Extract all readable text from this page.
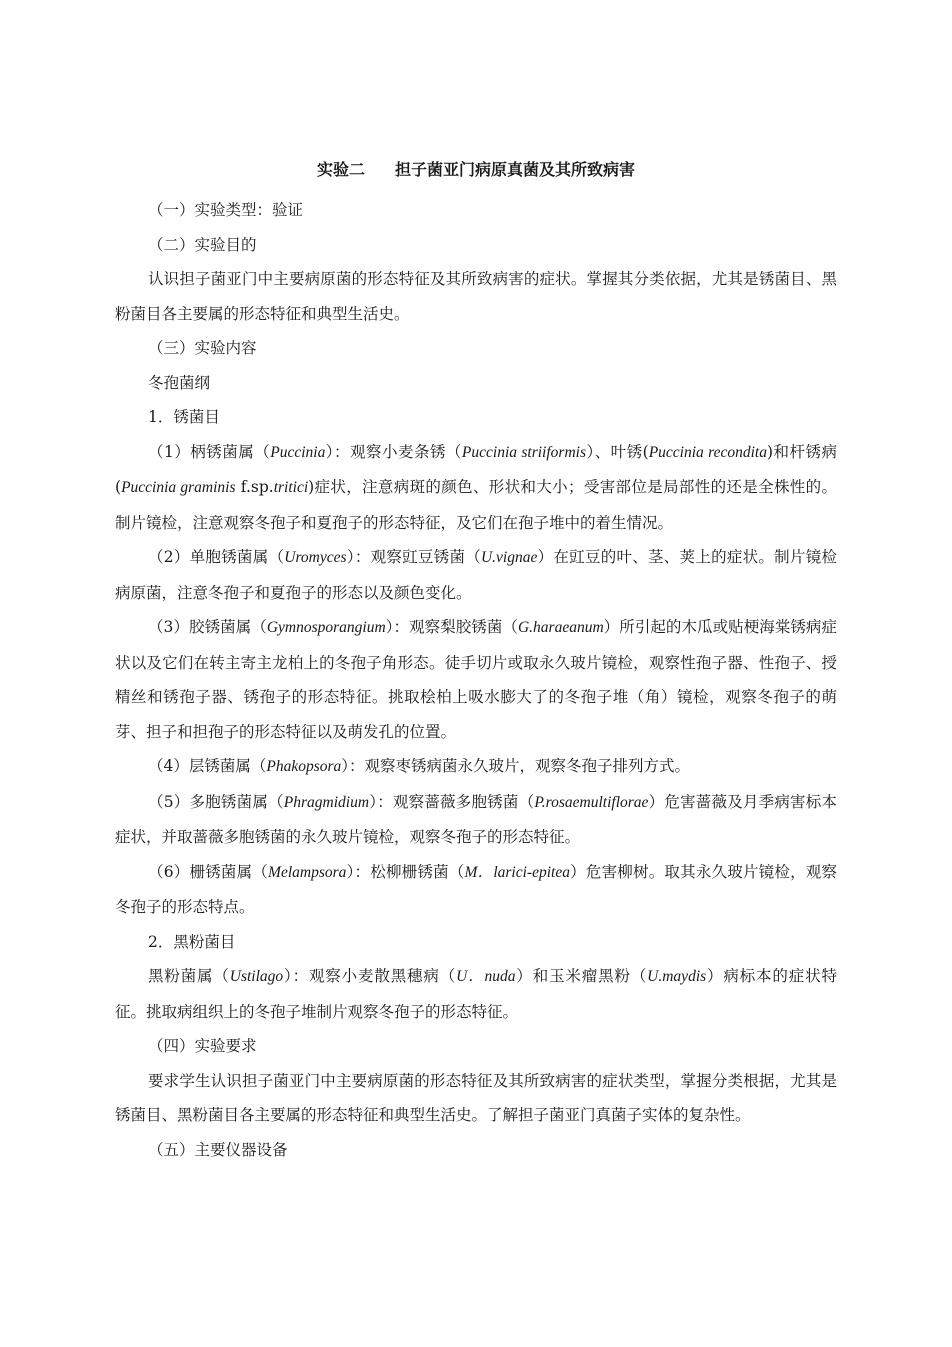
实验二 担子菌亚门病原真菌及其所致病害

（一）实验类型：验证

（二）实验目的

认识担子菌亚门中主要病原菌的形态特征及其所致病害的症状。掌握其分类依据，尤其是锈菌目、黑粉菌目各主要属的形态特征和典型生活史。

（三）实验内容

冬孢菌纲

1．锈菌目

（1）柄锈菌属（Puccinia）：观察小麦条锈（Puccinia striiformis）、叶锈(Puccinia recondita)和杆锈病(Puccinia graminis f.sp.tritici)症状，注意病斑的颜色、形状和大小；受害部位是局部性的还是全株性的。制片镜检，注意观察冬孢子和夏孢子的形态特征，及它们在孢子堆中的着生情况。

（2）单胞锈菌属（Uromyces）：观察豇豆锈菌（U.vignae）在豇豆的叶、茎、荚上的症状。制片镜检病原菌，注意冬孢子和夏孢子的形态以及颜色变化。

（3）胶锈菌属（Gymnosporangium）：观察梨胶锈菌（G.haraeanum）所引起的木瓜或贴梗海棠锈病症状以及它们在转主寄主龙柏上的冬孢子角形态。徒手切片或取永久玻片镜检，观察性孢子器、性孢子、授精丝和锈孢子器、锈孢子的形态特征。挑取桧柏上吸水膨大了的冬孢子堆（角）镜检，观察冬孢子的萌芽、担子和担孢子的形态特征以及萌发孔的位置。

（4）层锈菌属（Phakopsora）：观察枣锈病菌永久玻片，观察冬孢子排列方式。

（5）多胞锈菌属（Phragmidium）：观察蔷薇多胞锈菌（P.rosaemultiflorae）危害蔷薇及月季病害标本症状，并取蔷薇多胞锈菌的永久玻片镜检，观察冬孢子的形态特征。

（6）栅锈菌属（Melampsora）：松柳栅锈菌（M．larici-epitea）危害柳树。取其永久玻片镜检，观察冬孢子的形态特点。

2．黑粉菌目

黑粉菌属（Ustilago）：观察小麦散黑穗病（U．nuda）和玉米瘤黑粉（U.maydis）病标本的症状特征。挑取病组织上的冬孢子堆制片观察冬孢子的形态特征。

（四）实验要求

要求学生认识担子菌亚门中主要病原菌的形态特征及其所致病害的症状类型，掌握分类根据，尤其是锈菌目、黑粉菌目各主要属的形态特征和典型生活史。了解担子菌亚门真菌子实体的复杂性。

（五）主要仪器设备
